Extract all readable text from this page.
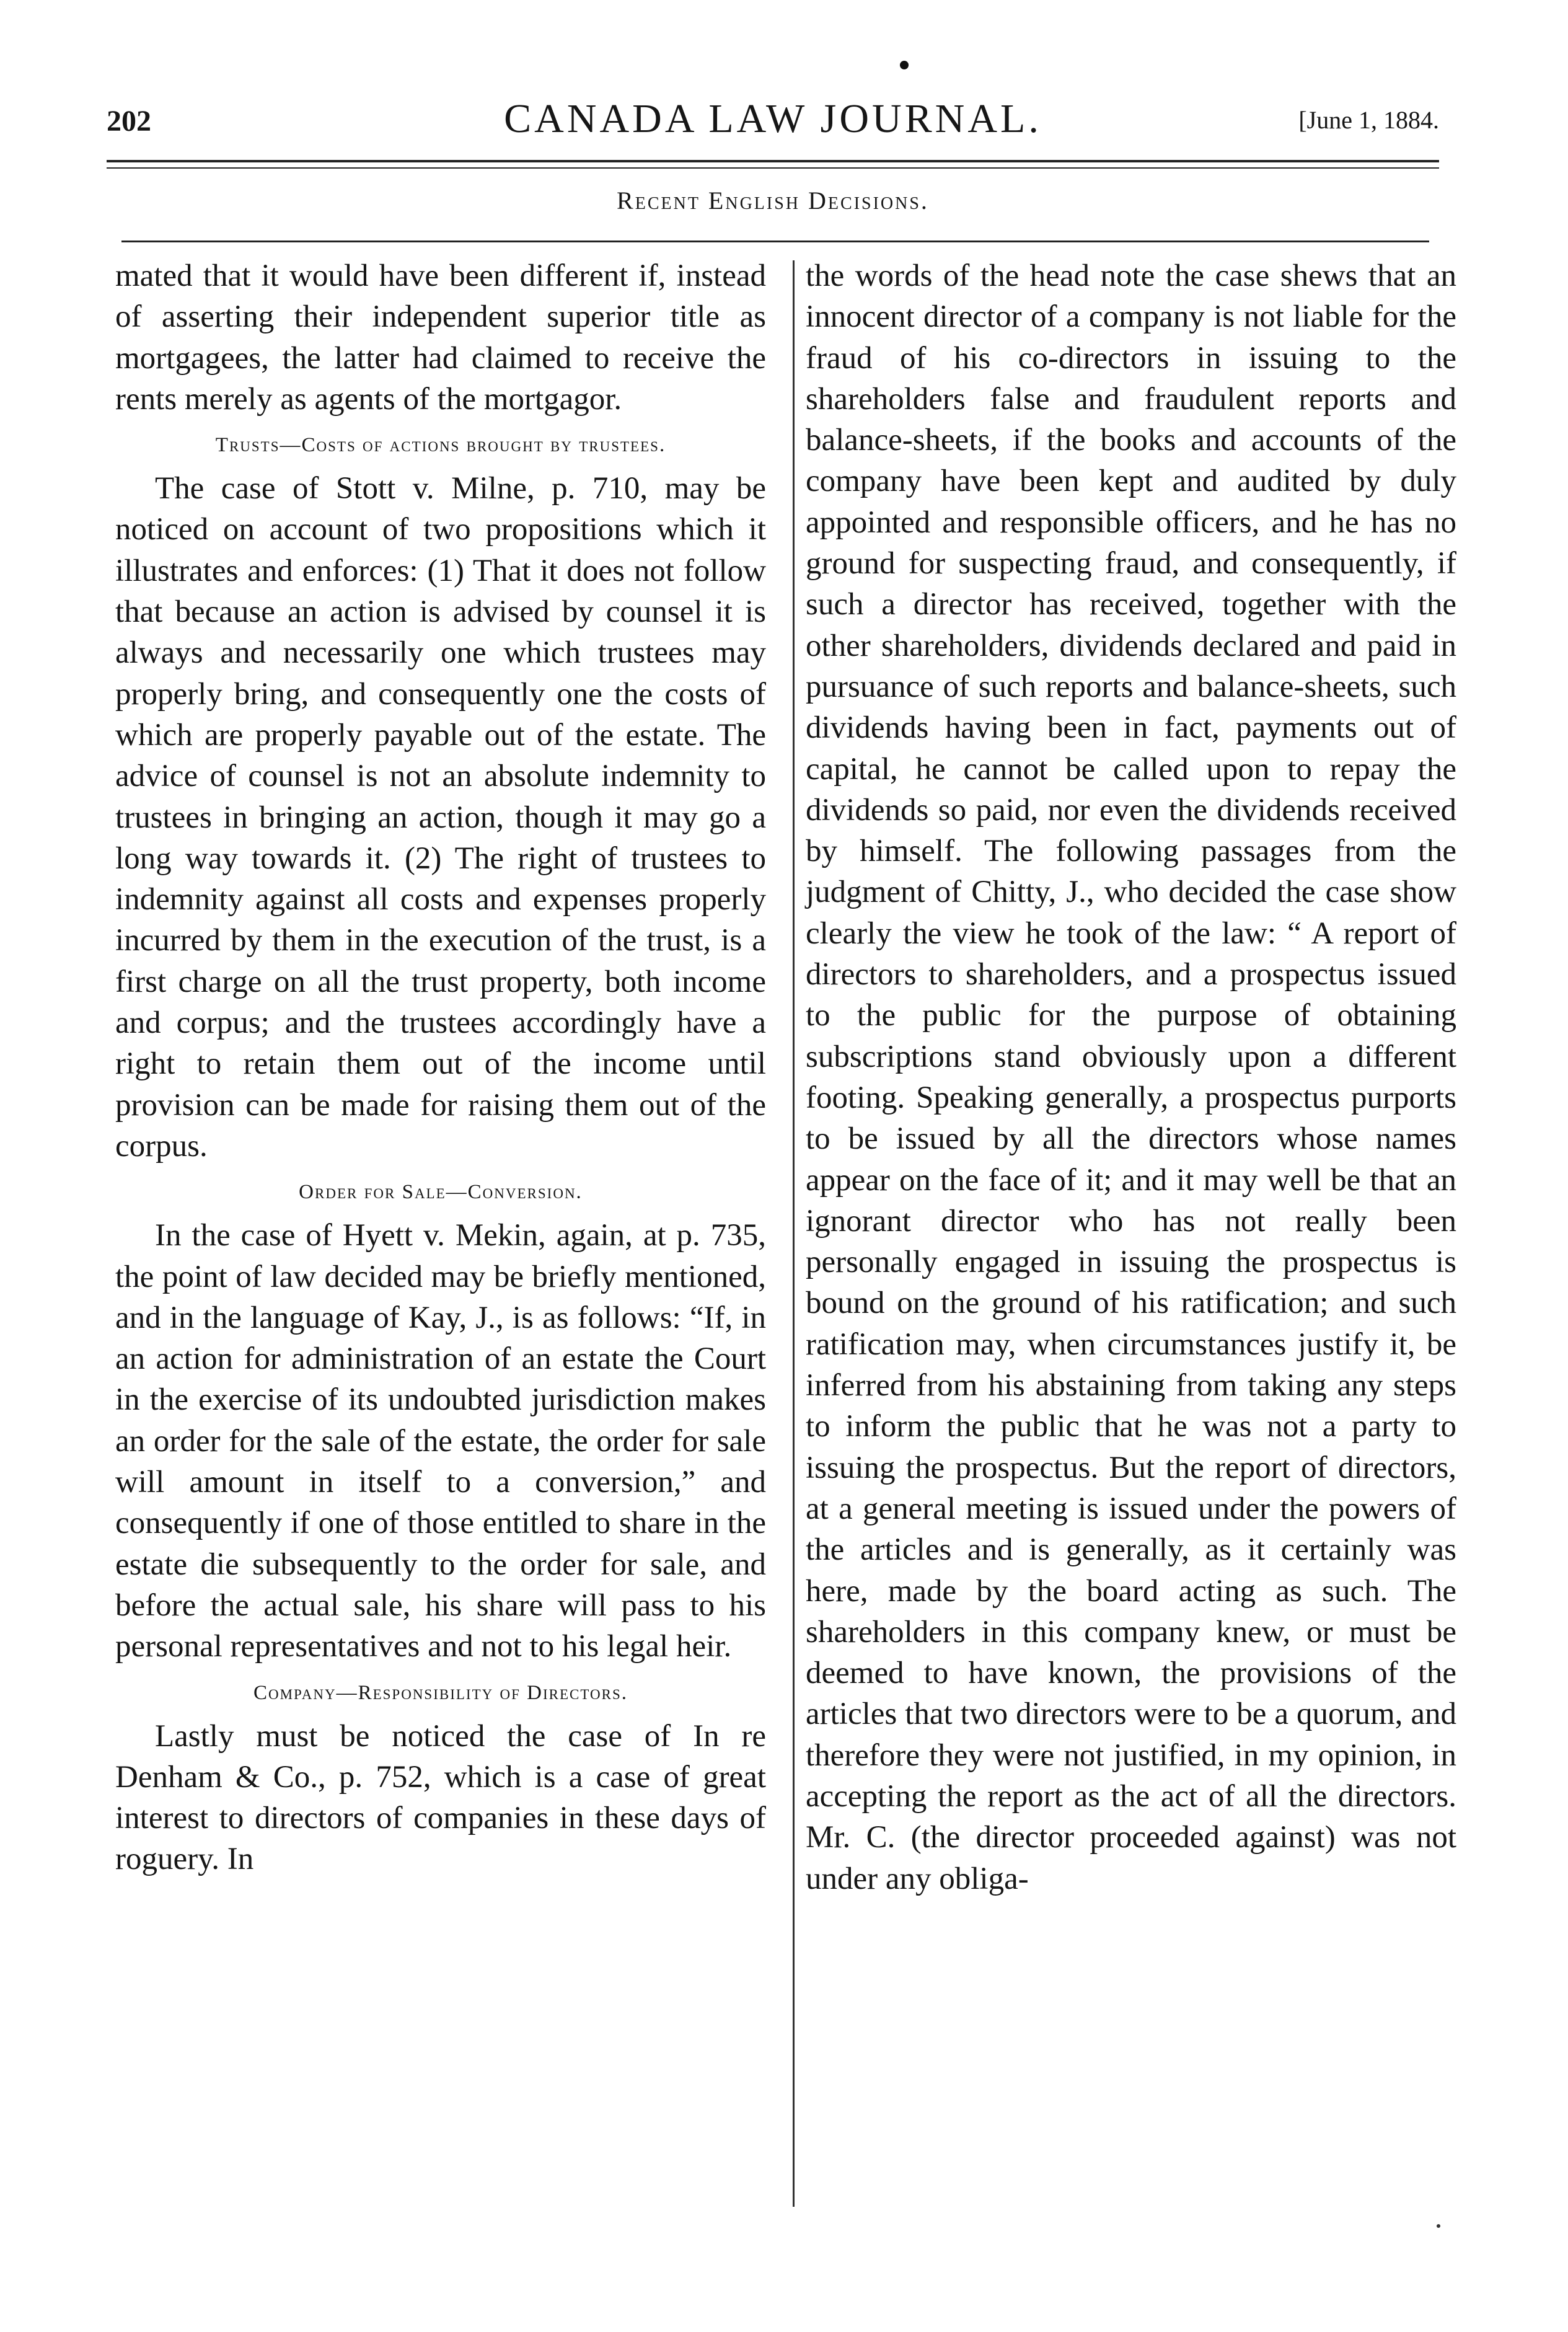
202	CANADA LAW JOURNAL.	[June 1, 1884.
Recent English Decisions.

mated that it would have been different if, instead of asserting their independent superior title as mortgagees, the latter had claimed to receive the rents merely as agents of the mortgagor.

Trusts—Costs of actions brought by trustees.

The case of Stott v. Milne, p. 710, may be noticed on account of two propositions which it illustrates and enforces: (1) That it does not follow that because an action is advised by counsel it is always and necessarily one which trustees may properly bring, and consequently one the costs of which are properly payable out of the estate. The advice of counsel is not an absolute indemnity to trustees in bringing an action, though it may go a long way towards it. (2) The right of trustees to indemnity against all costs and expenses properly incurred by them in the execution of the trust, is a first charge on all the trust property, both income and corpus; and the trustees accordingly have a right to retain them out of the income until provision can be made for raising them out of the corpus.

Order for Sale—Conversion.

In the case of Hyett v. Mekin, again, at p. 735, the point of law decided may be briefly mentioned, and in the language of Kay, J., is as follows: “If, in an action for administration of an estate the Court in the exercise of its undoubted jurisdiction makes an order for the sale of the estate, the order for sale will amount in itself to a conversion,” and consequently if one of those entitled to share in the estate die subsequently to the order for sale, and before the actual sale, his share will pass to his personal representatives and not to his legal heir.

Company—Responsibility of Directors.

Lastly must be noticed the case of In re Denham & Co., p. 752, which is a case of great interest to directors of companies in these days of roguery. In

the words of the head note the case shews that an innocent director of a company is not liable for the fraud of his co-directors in issuing to the shareholders false and fraudulent reports and balance-sheets, if the books and accounts of the company have been kept and audited by duly appointed and responsible officers, and he has no ground for suspecting fraud, and consequently, if such a director has received, together with the other shareholders, dividends declared and paid in pursuance of such reports and balance-sheets, such dividends having been in fact, payments out of capital, he cannot be called upon to repay the dividends so paid, nor even the dividends received by himself. The following passages from the judgment of Chitty, J., who decided the case show clearly the view he took of the law: “ A report of directors to shareholders, and a prospectus issued to the public for the purpose of obtaining subscriptions stand obviously upon a different footing. Speaking generally, a prospectus purports to be issued by all the directors whose names appear on the face of it; and it may well be that an ignorant director who has not really been personally engaged in issuing the prospectus is bound on the ground of his ratification; and such ratification may, when circumstances justify it, be inferred from his abstaining from taking any steps to inform the public that he was not a party to issuing the prospectus. But the report of directors, at a general meeting is issued under the powers of the articles and is generally, as it certainly was here, made by the board acting as such. The shareholders in this company knew, or must be deemed to have known, the provisions of the articles that two directors were to be a quorum, and therefore they were not justified, in my opinion, in accepting the report as the act of all the directors. Mr. C. (the director proceeded against) was not under any obliga-
